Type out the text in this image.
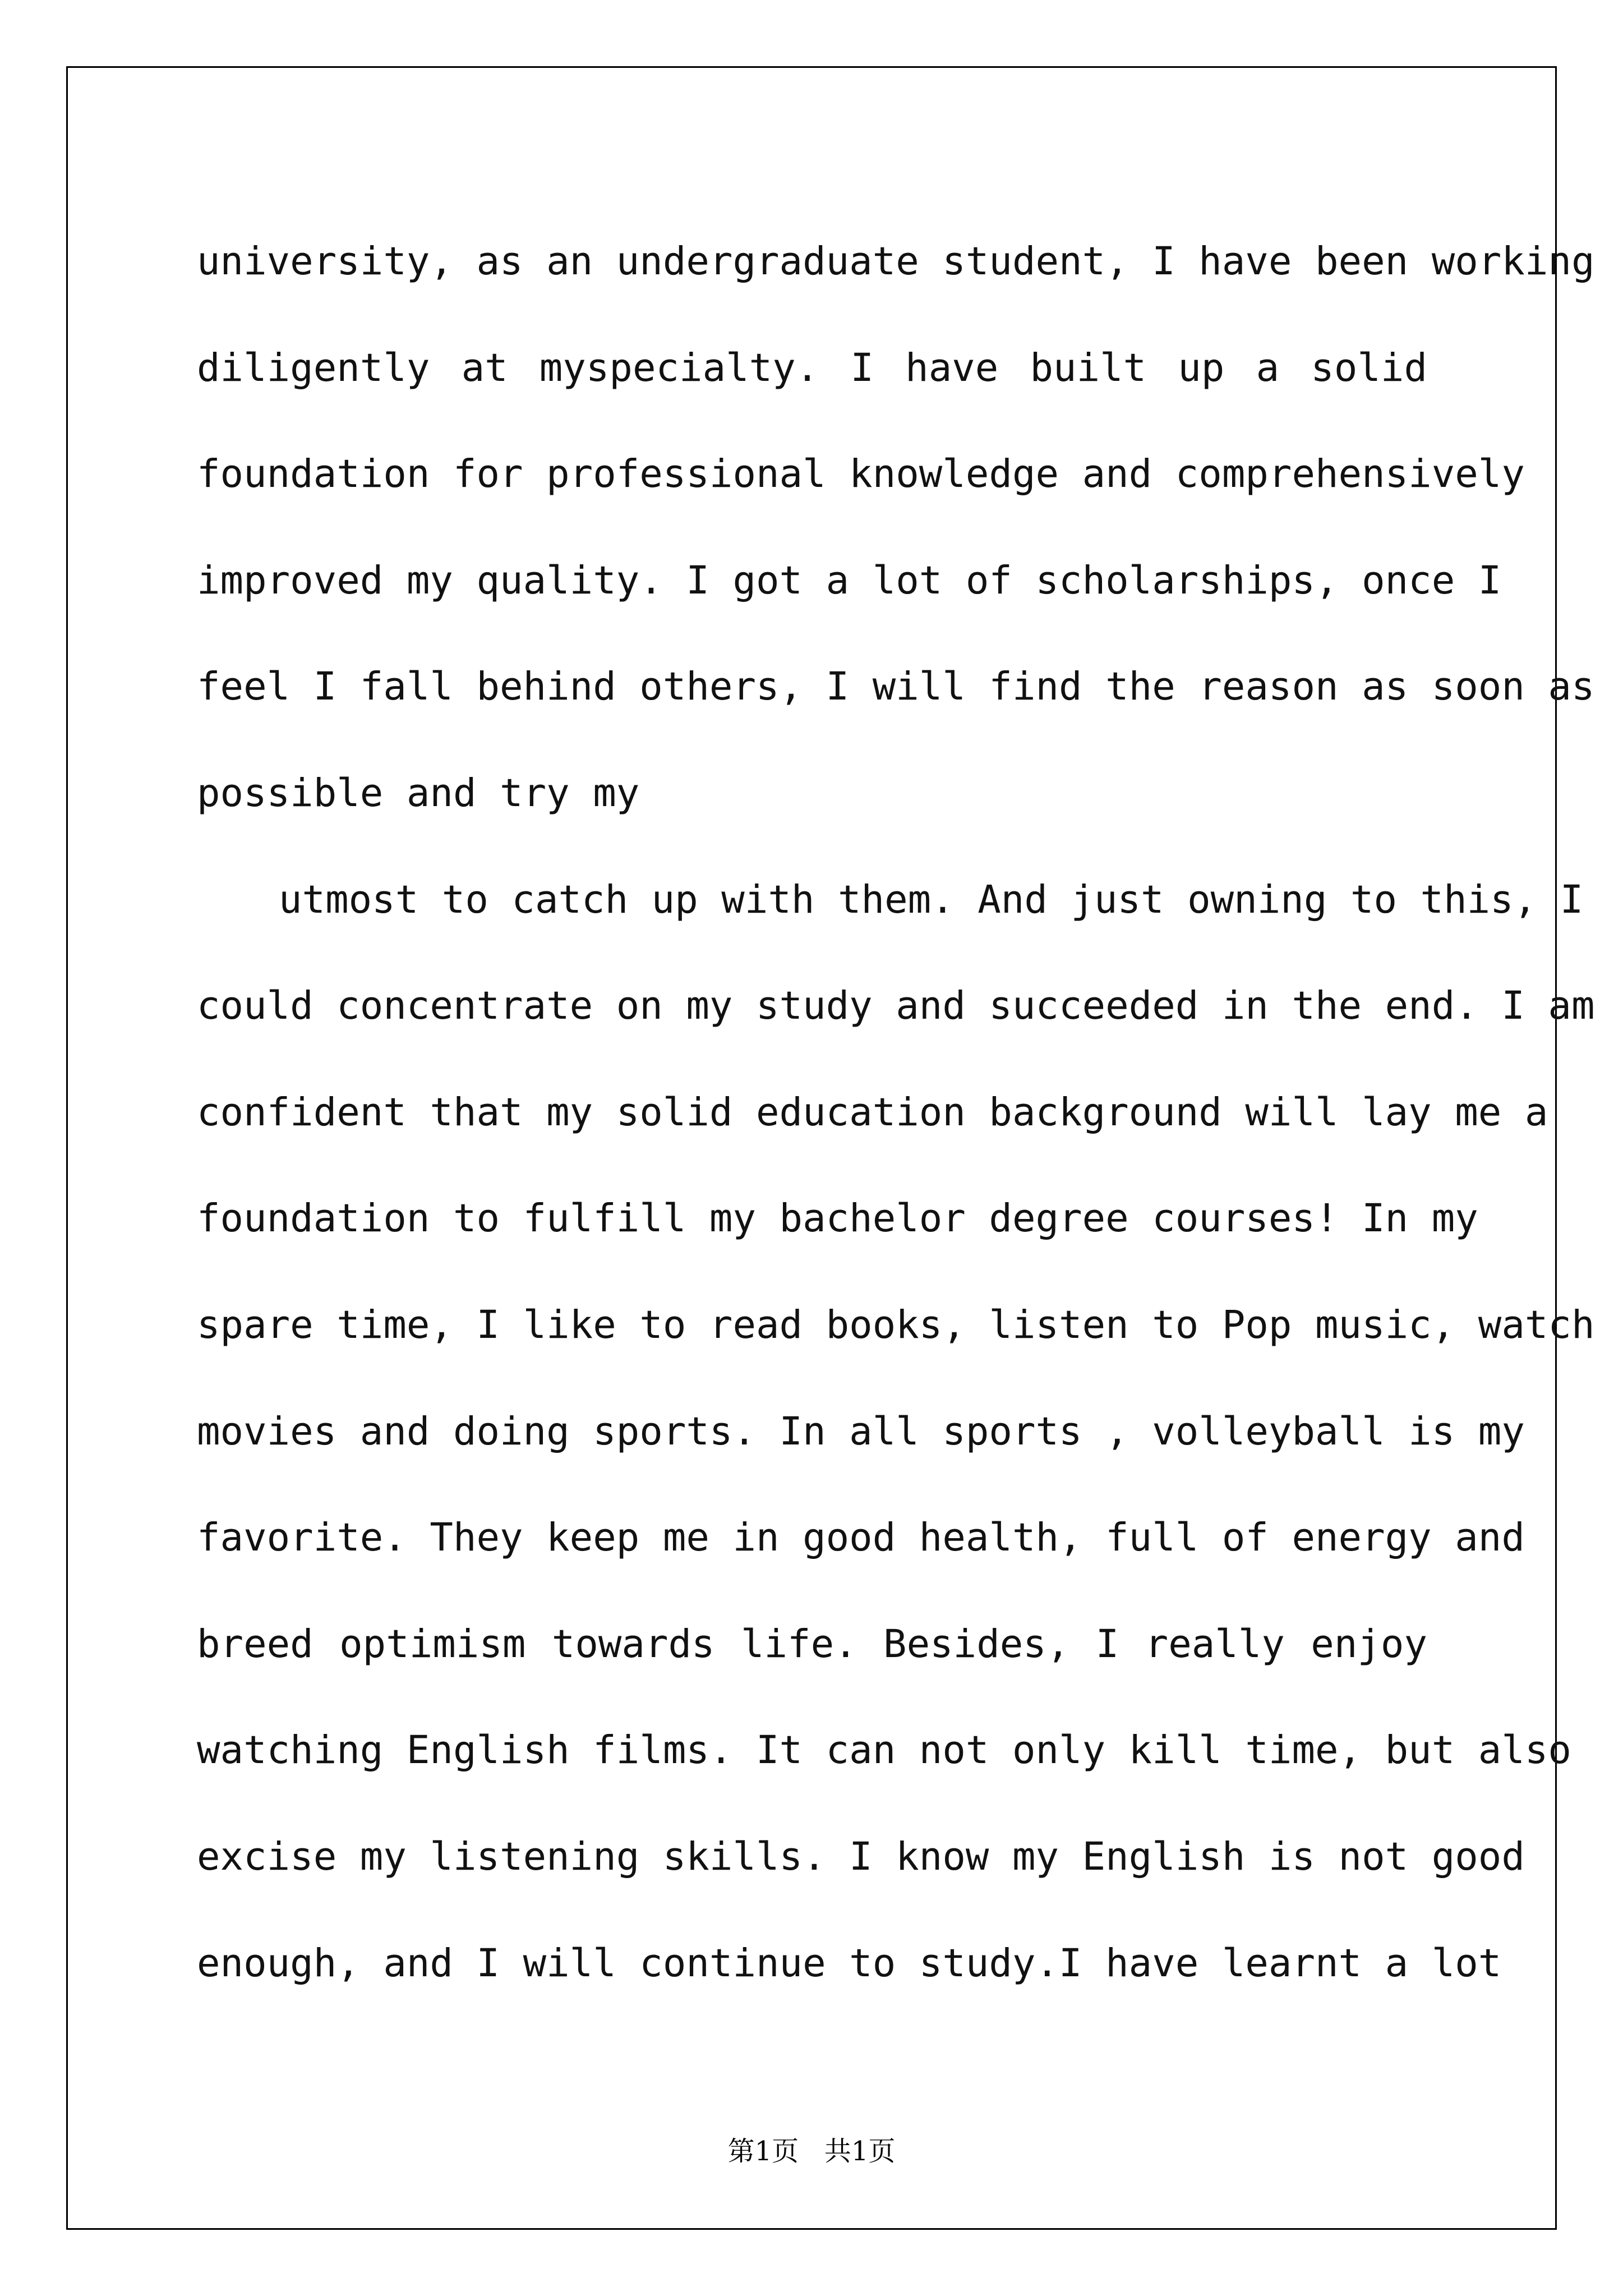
university, as an undergraduate student, I have been working
diligently at myspecialty. I have built up a solid
foundation for professional knowledge and comprehensively
improved my quality. I got a lot of scholarships, once I
feel I fall behind others, I will find the reason as soon as
possible and try my
utmost to catch up with them. And just owning to this, I
could concentrate on my study and succeeded in the end. I am
confident that my solid education background will lay me a
foundation to fulfill my bachelor degree courses! In my
spare time, I like to read books, listen to Pop music, watch
movies and doing sports. In all sports , volleyball is my
favorite. They keep me in good health, full of energy and
breed optimism towards life. Besides, I really enjoy
watching English films. It can not only kill time, but also
excise my listening skills. I know my English is not good
enough, and I will continue to study.I have learnt a lot
第1页   共1页
